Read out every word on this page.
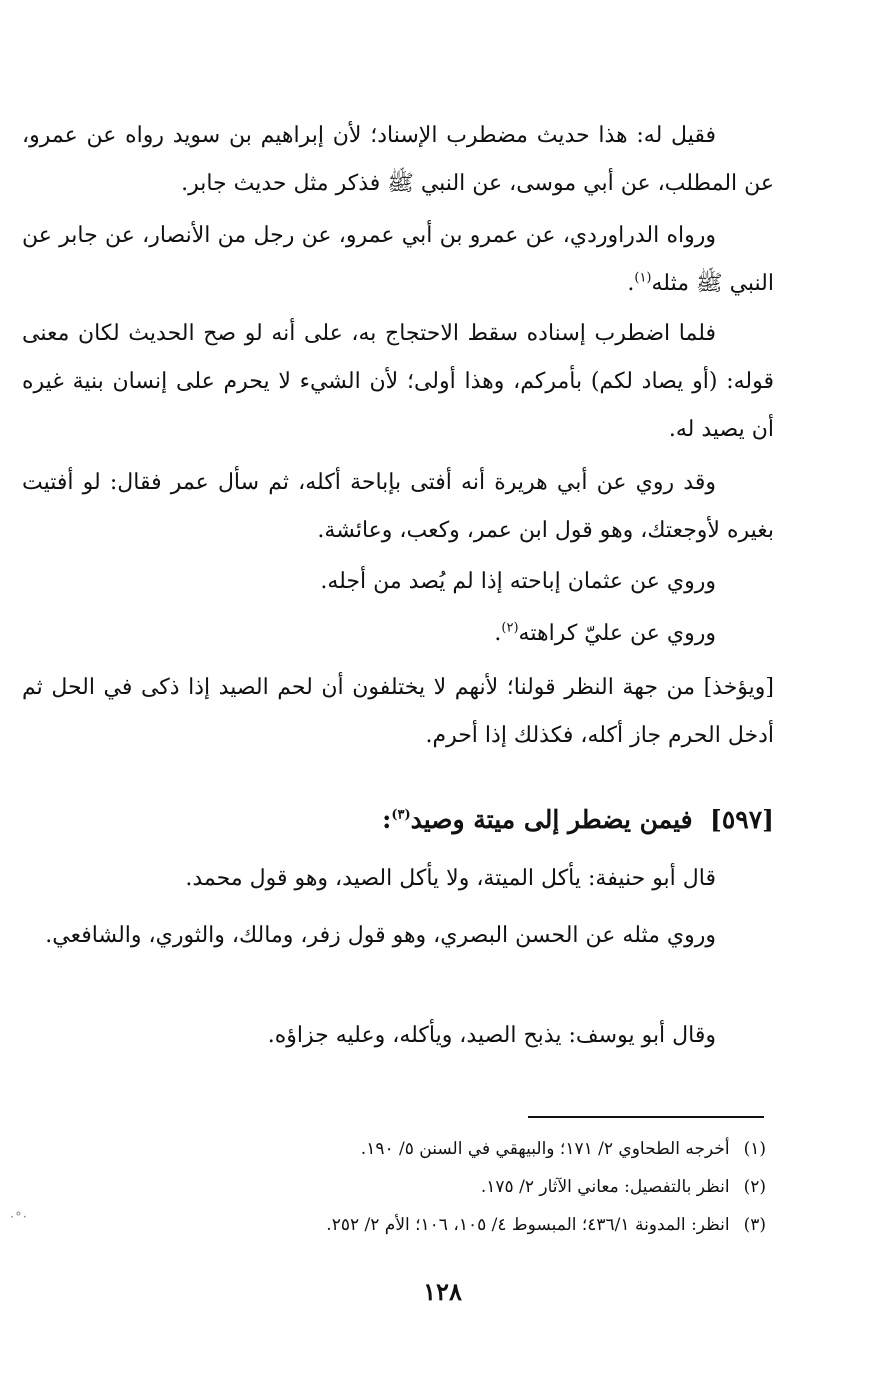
فقيل له: هذا حديث مضطرب الإسناد؛ لأن إبراهيم بن سويد رواه عن عمرو، عن المطلب، عن أبي موسى، عن النبي ﷺ فذكر مثل حديث جابر.

ورواه الدراوردي، عن عمرو بن أبي عمرو، عن رجل من الأنصار، عن جابر عن النبي ﷺ مثله$^{(١)}$.

فلما اضطرب إسناده سقط الاحتجاج به، على أنه لو صح الحديث لكان معنى قوله: (أو يصاد لكم) بأمركم، وهذا أولى؛ لأن الشيء لا يحرم على إنسان بنية غيره أن يصيد له.

وقد روي عن أبي هريرة أنه أفتى بإباحة أكله، ثم سأل عمر فقال: لو أفتيت بغيره لأوجعتك، وهو قول ابن عمر، وكعب، وعائشة.

وروي عن عثمان إباحته إذا لم يُصد من أجله.

وروي عن عليّ كراهته$^{(٢)}$.

[ويؤخذ] من جهة النظر قولنا؛ لأنهم لا يختلفون أن لحم الصيد إذا ذكى في الحل ثم أدخل الحرم جاز أكله، فكذلك إذا أحرم.

[٥٩٧]  فيمن يضطر إلى ميتة وصيد$^{(٣)}$:

قال أبو حنيفة: يأكل الميتة، ولا يأكل الصيد، وهو قول محمد.

وروي مثله عن الحسن البصري، وهو قول زفر، ومالك، والثوري، والشافعي.

وقال أبو يوسف: يذبح الصيد، ويأكله، وعليه جزاؤه.

(١)أخرجه الطحاوي ٢/ ١٧١؛ والبيهقي في السنن ٥/ ١٩٠.

(٢)انظر بالتفصيل: معاني الآثار ٢/ ١٧٥.

(٣)انظر: المدونة ٤٣٦/١؛ المبسوط ٤/ ١٠٥، ١٠٦؛ الأم ٢/ ٢٥٢.

·°·
١٢٨
